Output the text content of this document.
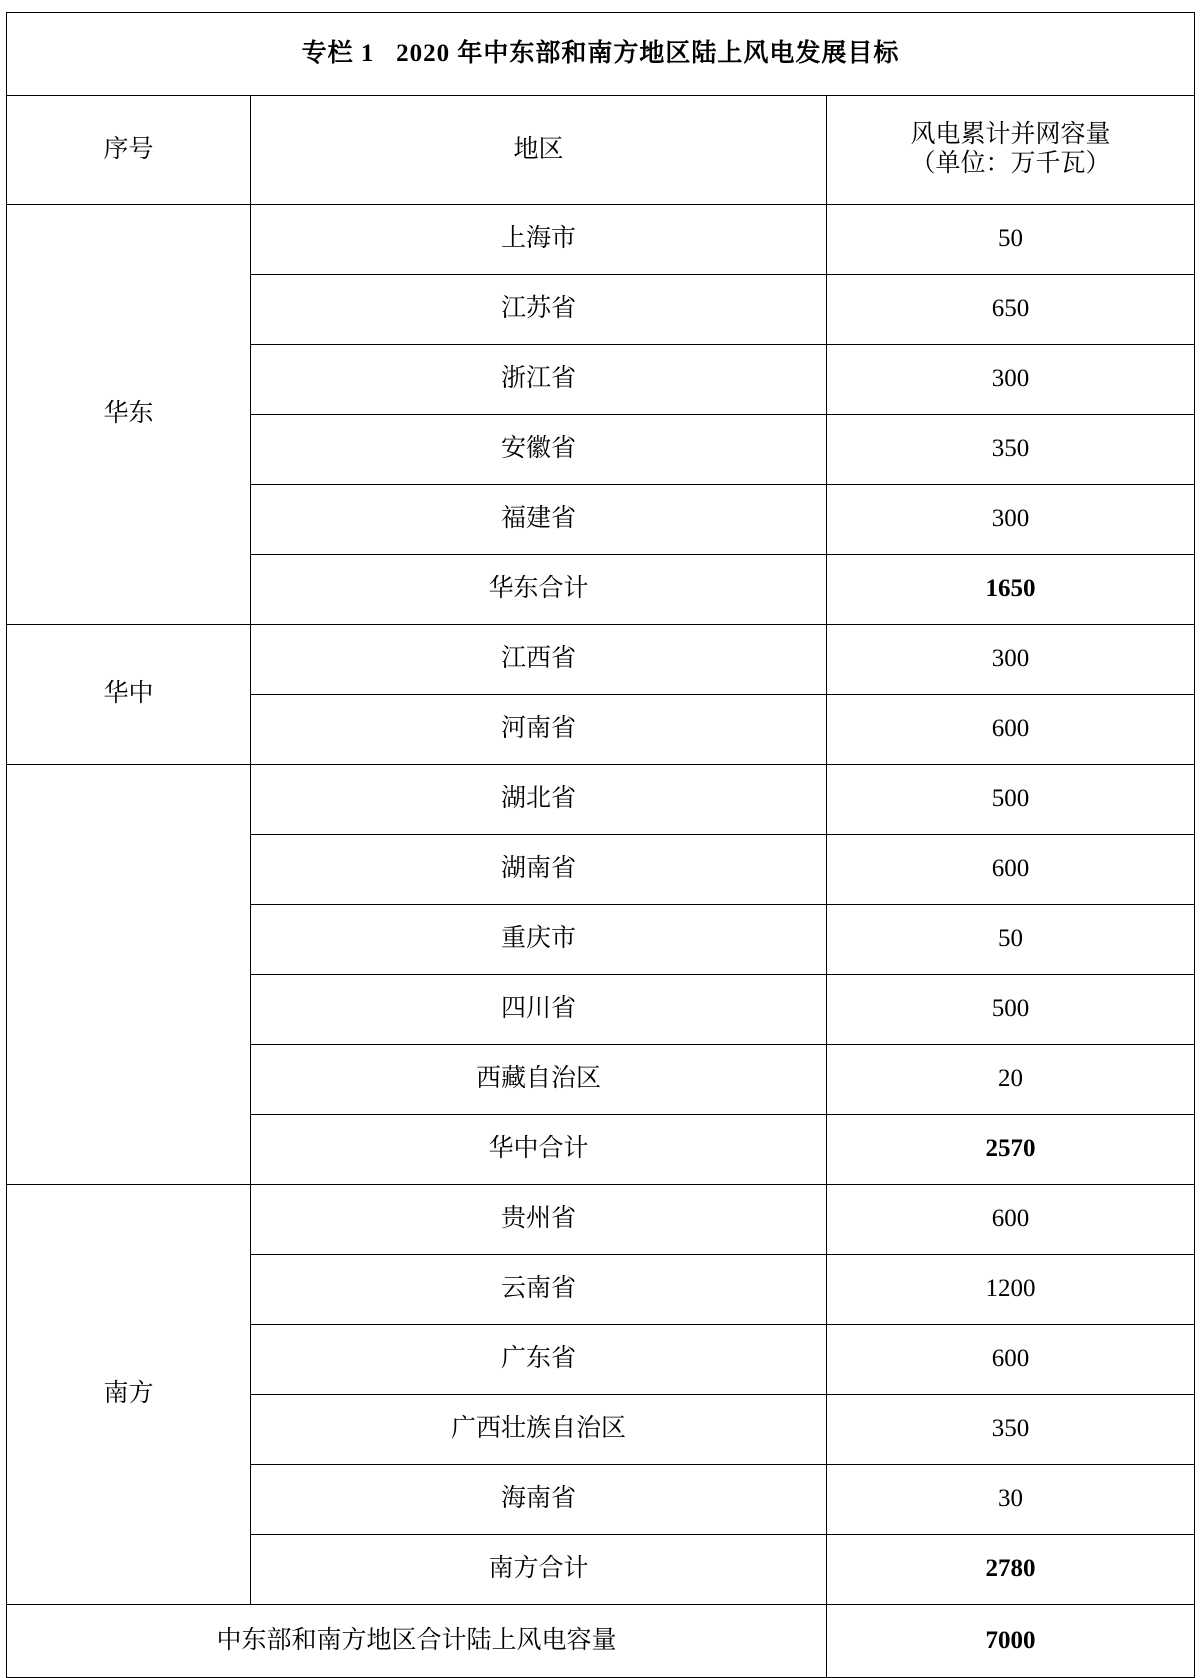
专栏 1   2020 年中东部和南方地区陆上风电发展目标		

序号	地区	风电累计并网容量
（单位：万千瓦）

华东	上海市	50
	江苏省	650
	浙江省	300
	安徽省	350
	福建省	300
	华东合计	1650
华中	江西省	300
	河南省	600
	湖北省	500
	湖南省	600
	重庆市	50
	四川省	500
	西藏自治区	20
	华中合计	2570
南方	贵州省	600
	云南省	1200
	广东省	600
	广西壮族自治区	350
	海南省	30
	南方合计	2780
中东部和南方地区合计陆上风电容量		7000
